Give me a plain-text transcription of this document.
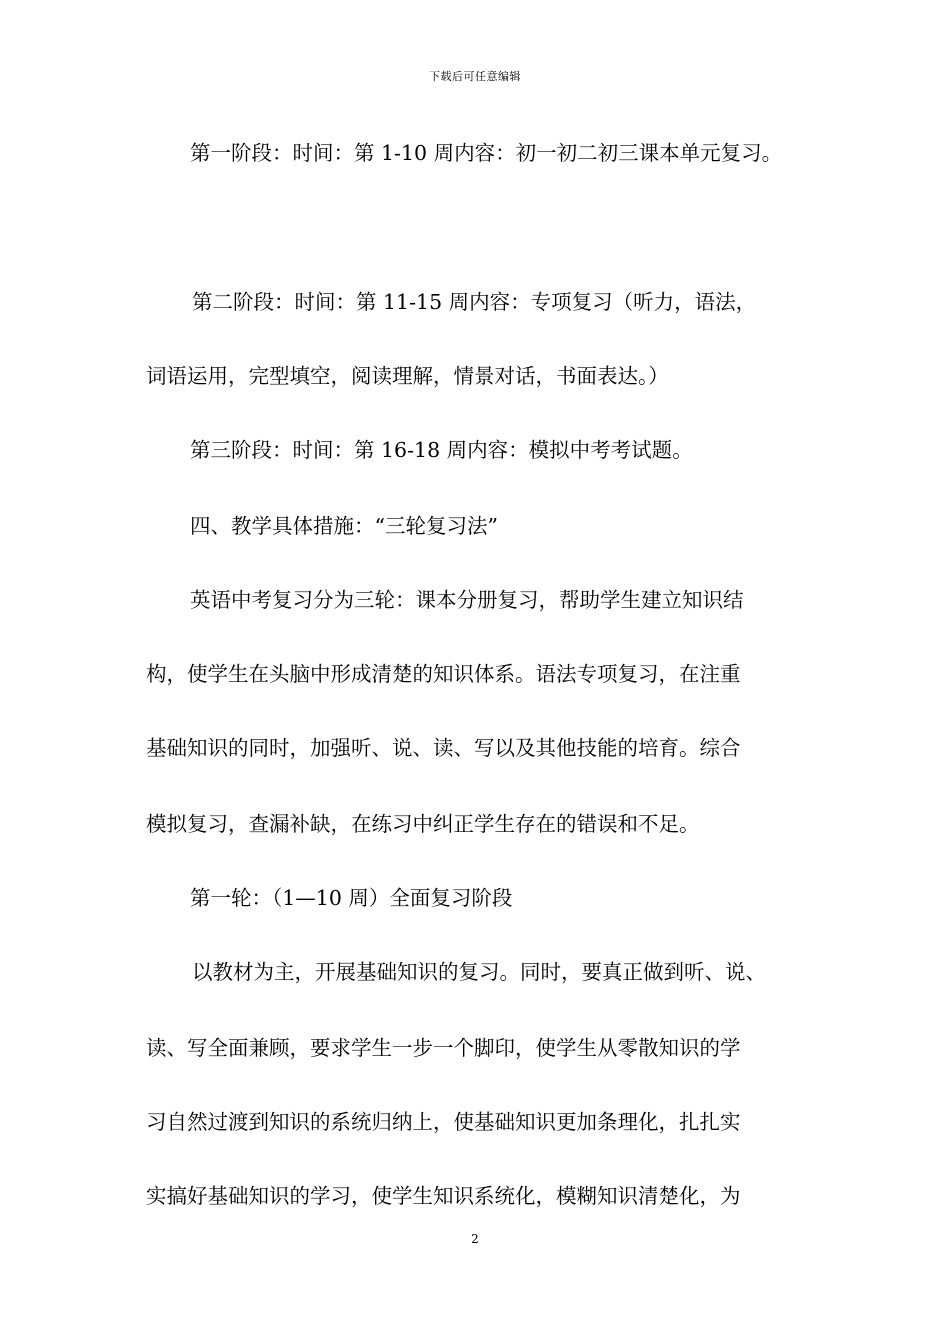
下载后可任意编辑
第一阶段：时间：第 1-10 周内容：初一初二初三课本单元复习。
第二阶段：时间：第 11-15 周内容：专项复习（听力，语法，
词语运用，完型填空，阅读理解，情景对话，书面表达。）
第三阶段：时间：第 16-18 周内容：模拟中考考试题。
四、教学具体措施：“三轮复习法”
英语中考复习分为三轮：课本分册复习，帮助学生建立知识结
构，使学生在头脑中形成清楚的知识体系。语法专项复习，在注重
基础知识的同时，加强听、说、读、写以及其他技能的培育。综合
模拟复习，查漏补缺，在练习中纠正学生存在的错误和不足。
第一轮：（1—10 周）全面复习阶段
以教材为主，开展基础知识的复习。同时，要真正做到听、说、
读、写全面兼顾，要求学生一步一个脚印，使学生从零散知识的学
习自然过渡到知识的系统归纳上，使基础知识更加条理化，扎扎实
实搞好基础知识的学习，使学生知识系统化，模糊知识清楚化，为
2
